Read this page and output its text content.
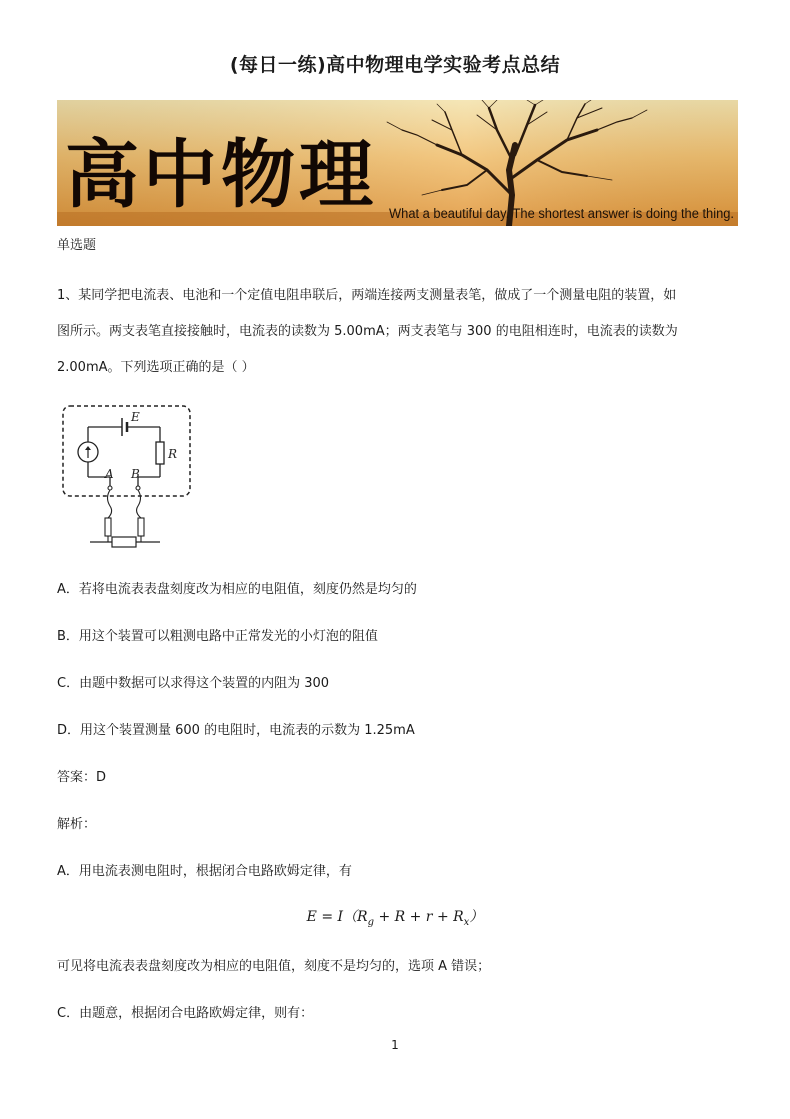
(每日一练)高中物理电学实验考点总结
高中物理 What a beautiful day. The shortest answer is doing the thing.
单选题
1、某同学把电流表、电池和一个定值电阻串联后，两端连接两支测量表笔，做成了一个测量电阻的装置，如
图所示。两支表笔直接接触时，电流表的读数为 5.00mA；两支表笔与 300 的电阻相连时，电流表的读数为
2.00mA。下列选项正确的是（ ）
E
R
A B
A．若将电流表表盘刻度改为相应的电阻值，刻度仍然是均匀的
B．用这个装置可以粗测电路中正常发光的小灯泡的阻值
C．由题中数据可以求得这个装置的内阻为 300
D．用这个装置测量 600 的电阻时，电流表的示数为 1.25mA
答案：D
解析：
A．用电流表测电阻时，根据闭合电路欧姆定律，有
$E = I(R_g + R + r + R_x)$
可见将电流表表盘刻度改为相应的电阻值，刻度不是均匀的，选项 A 错误；
C．由题意，根据闭合电路欧姆定律，则有：
1
